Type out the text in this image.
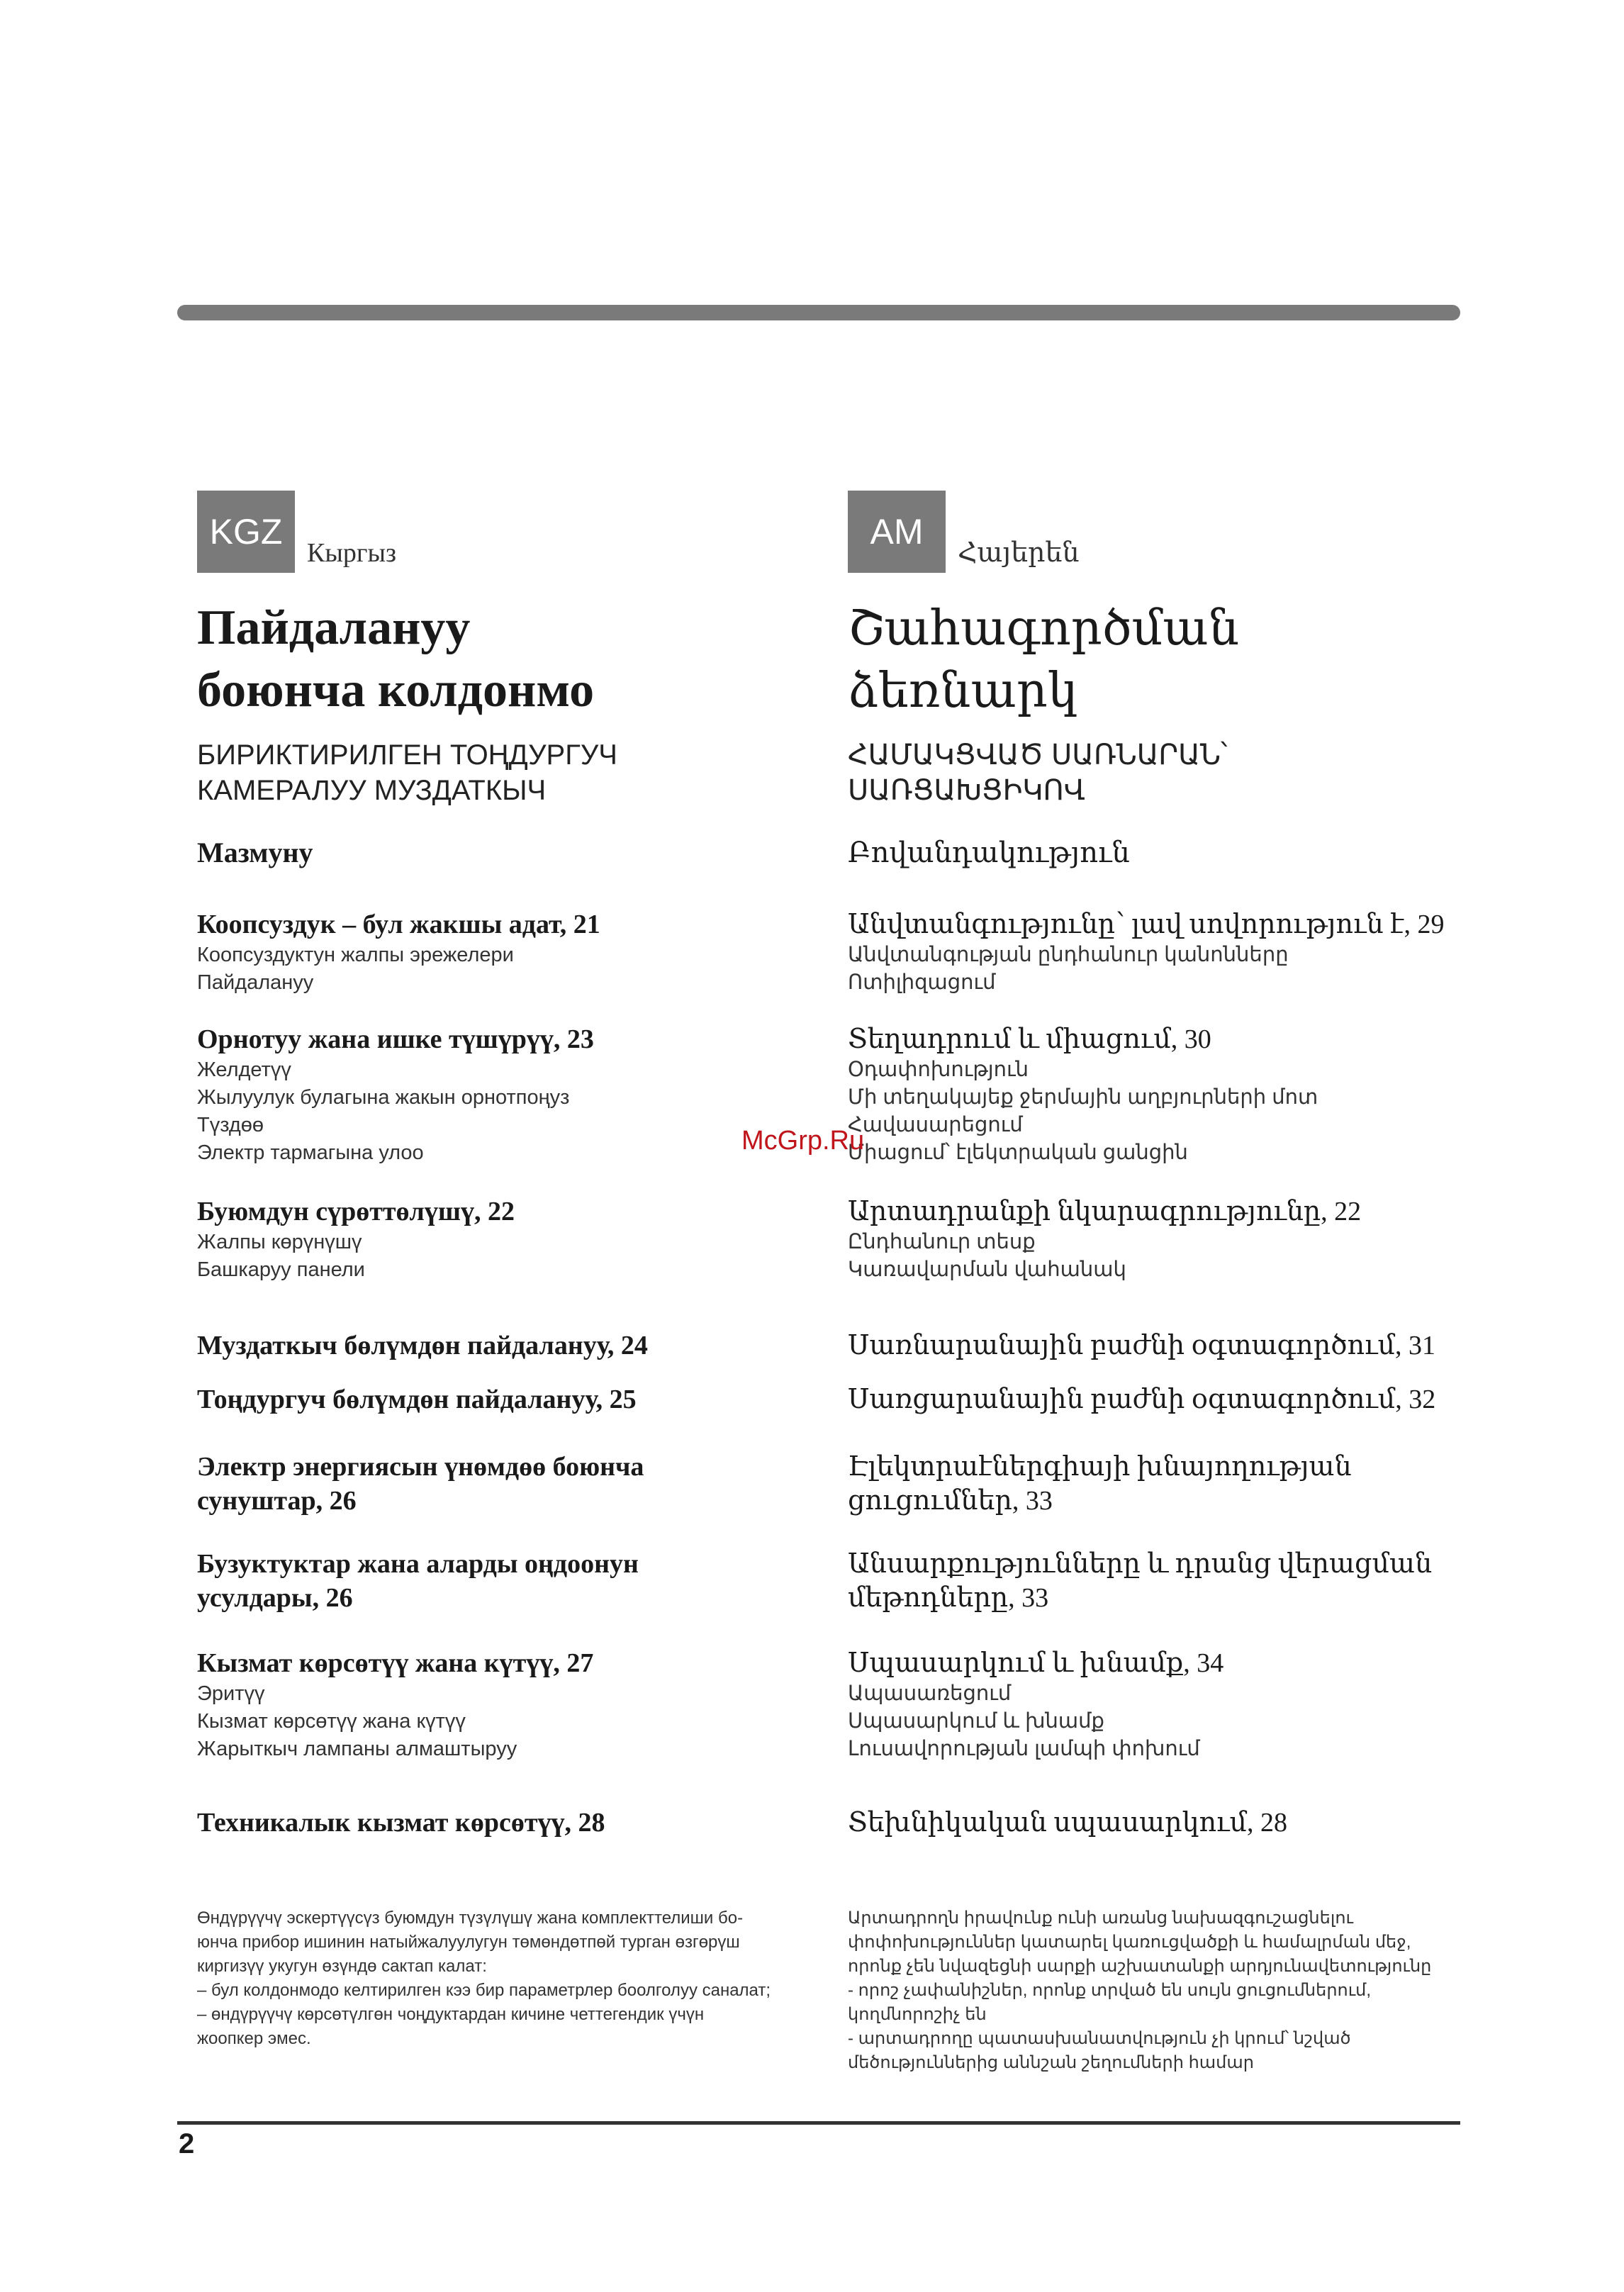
KGZ
Кыргыз
Пайдалануу
боюнча колдонмо
БИРИКТИРИЛГЕН ТОҢДУРГУЧ
КАМЕРАЛУУ МУЗДАТКЫЧ
Мазмуну
Коопсуздук – бул жакшы адат, 21
Коопсуздуктун жалпы эрежелери
Пайдалануу
Орнотуу жана ишке түшүрүү, 23
Желдетүү
Жылуулук булагына жакын орнотпоңуз
Түздөө
Электр тармагына улоо
Буюмдун сүрөттөлүшү, 22
Жалпы көрүнүшү
Башкаруу панели
Муздаткыч бөлүмдөн пайдалануу, 24
Тоңдургуч бөлүмдөн пайдалануу, 25
Электр энергиясын үнөмдөө боюнча
сунуштар, 26
Бузуктуктар жана аларды оңдоонун
усулдары, 26
Кызмат көрсөтүү жана күтүү, 27
Эритүү
Кызмат көрсөтүү жана күтүү
Жарыткыч лампаны алмаштыруу
Техникалык кызмат көрсөтүү, 28
Өндүрүүчү эскертүүсүз буюмдун түзүлүшү жана комплекттелиши бо-
юнча прибор ишинин натыйжалуулугун төмөндөтпөй турган өзгөрүш
киргизүү укугун өзүндө сактап калат:
– бул колдонмодо келтирилген кээ бир параметрлер боолголуу саналат;
– өндүрүүчү көрсөтүлгөн чоңдуктардан кичине четтегендик үчүн
жоопкер эмес.
AM
Հայերեն
Շահագործման
ձեռնարկ
ՀԱՄԱԿՑՎԱԾ ՍԱՌՆԱՐԱՆ՝
ՍԱՌՑԱԽՑԻԿՈՎ
Բովանդակություն
Անվտանգությունը՝ լավ սովորություն է, 29
Անվտանգության ընդհանուր կանոնները
Ոտիլիզացում
Տեղադրում և միացում, 30
Օդափոխություն
Մի տեղակայեք ջերմային աղբյուրների մոտ
Հավասարեցում
Միացում՝ էլեկտրական ցանցին
Արտադրանքի նկարագրությունը, 22
Ընդհանուր տեսք
Կառավարման վահանակ
Սառնարանային բաժնի օգտագործում, 31
Սառցարանային բաժնի օգտագործում, 32
Էլեկտրաէներգիայի խնայողության
ցուցումներ, 33
Անսարքությունները և դրանց վերացման
մեթոդները, 33
Սպասարկում և խնամք, 34
Ապասառեցում
Սպասարկում և խնամք
Լուսավորության լամպի փոխում
Տեխնիկական սպասարկում, 28
Արտադրողն իրավունք ունի առանց նախազգուշացնելու
փոփոխություններ կատարել կառուցվածքի և համալրման մեջ,
որոնք չեն նվազեցնի սարքի աշխատանքի արդյունավետությունը
- որոշ չափանիշներ, որոնք տրված են սույն ցուցումներում,
կողմնորոշիչ են
- արտադրողը պատասխանատվություն չի կրում՝ նշված
մեծություններից աննշան շեղումների համար
McGrp.Ru
2
